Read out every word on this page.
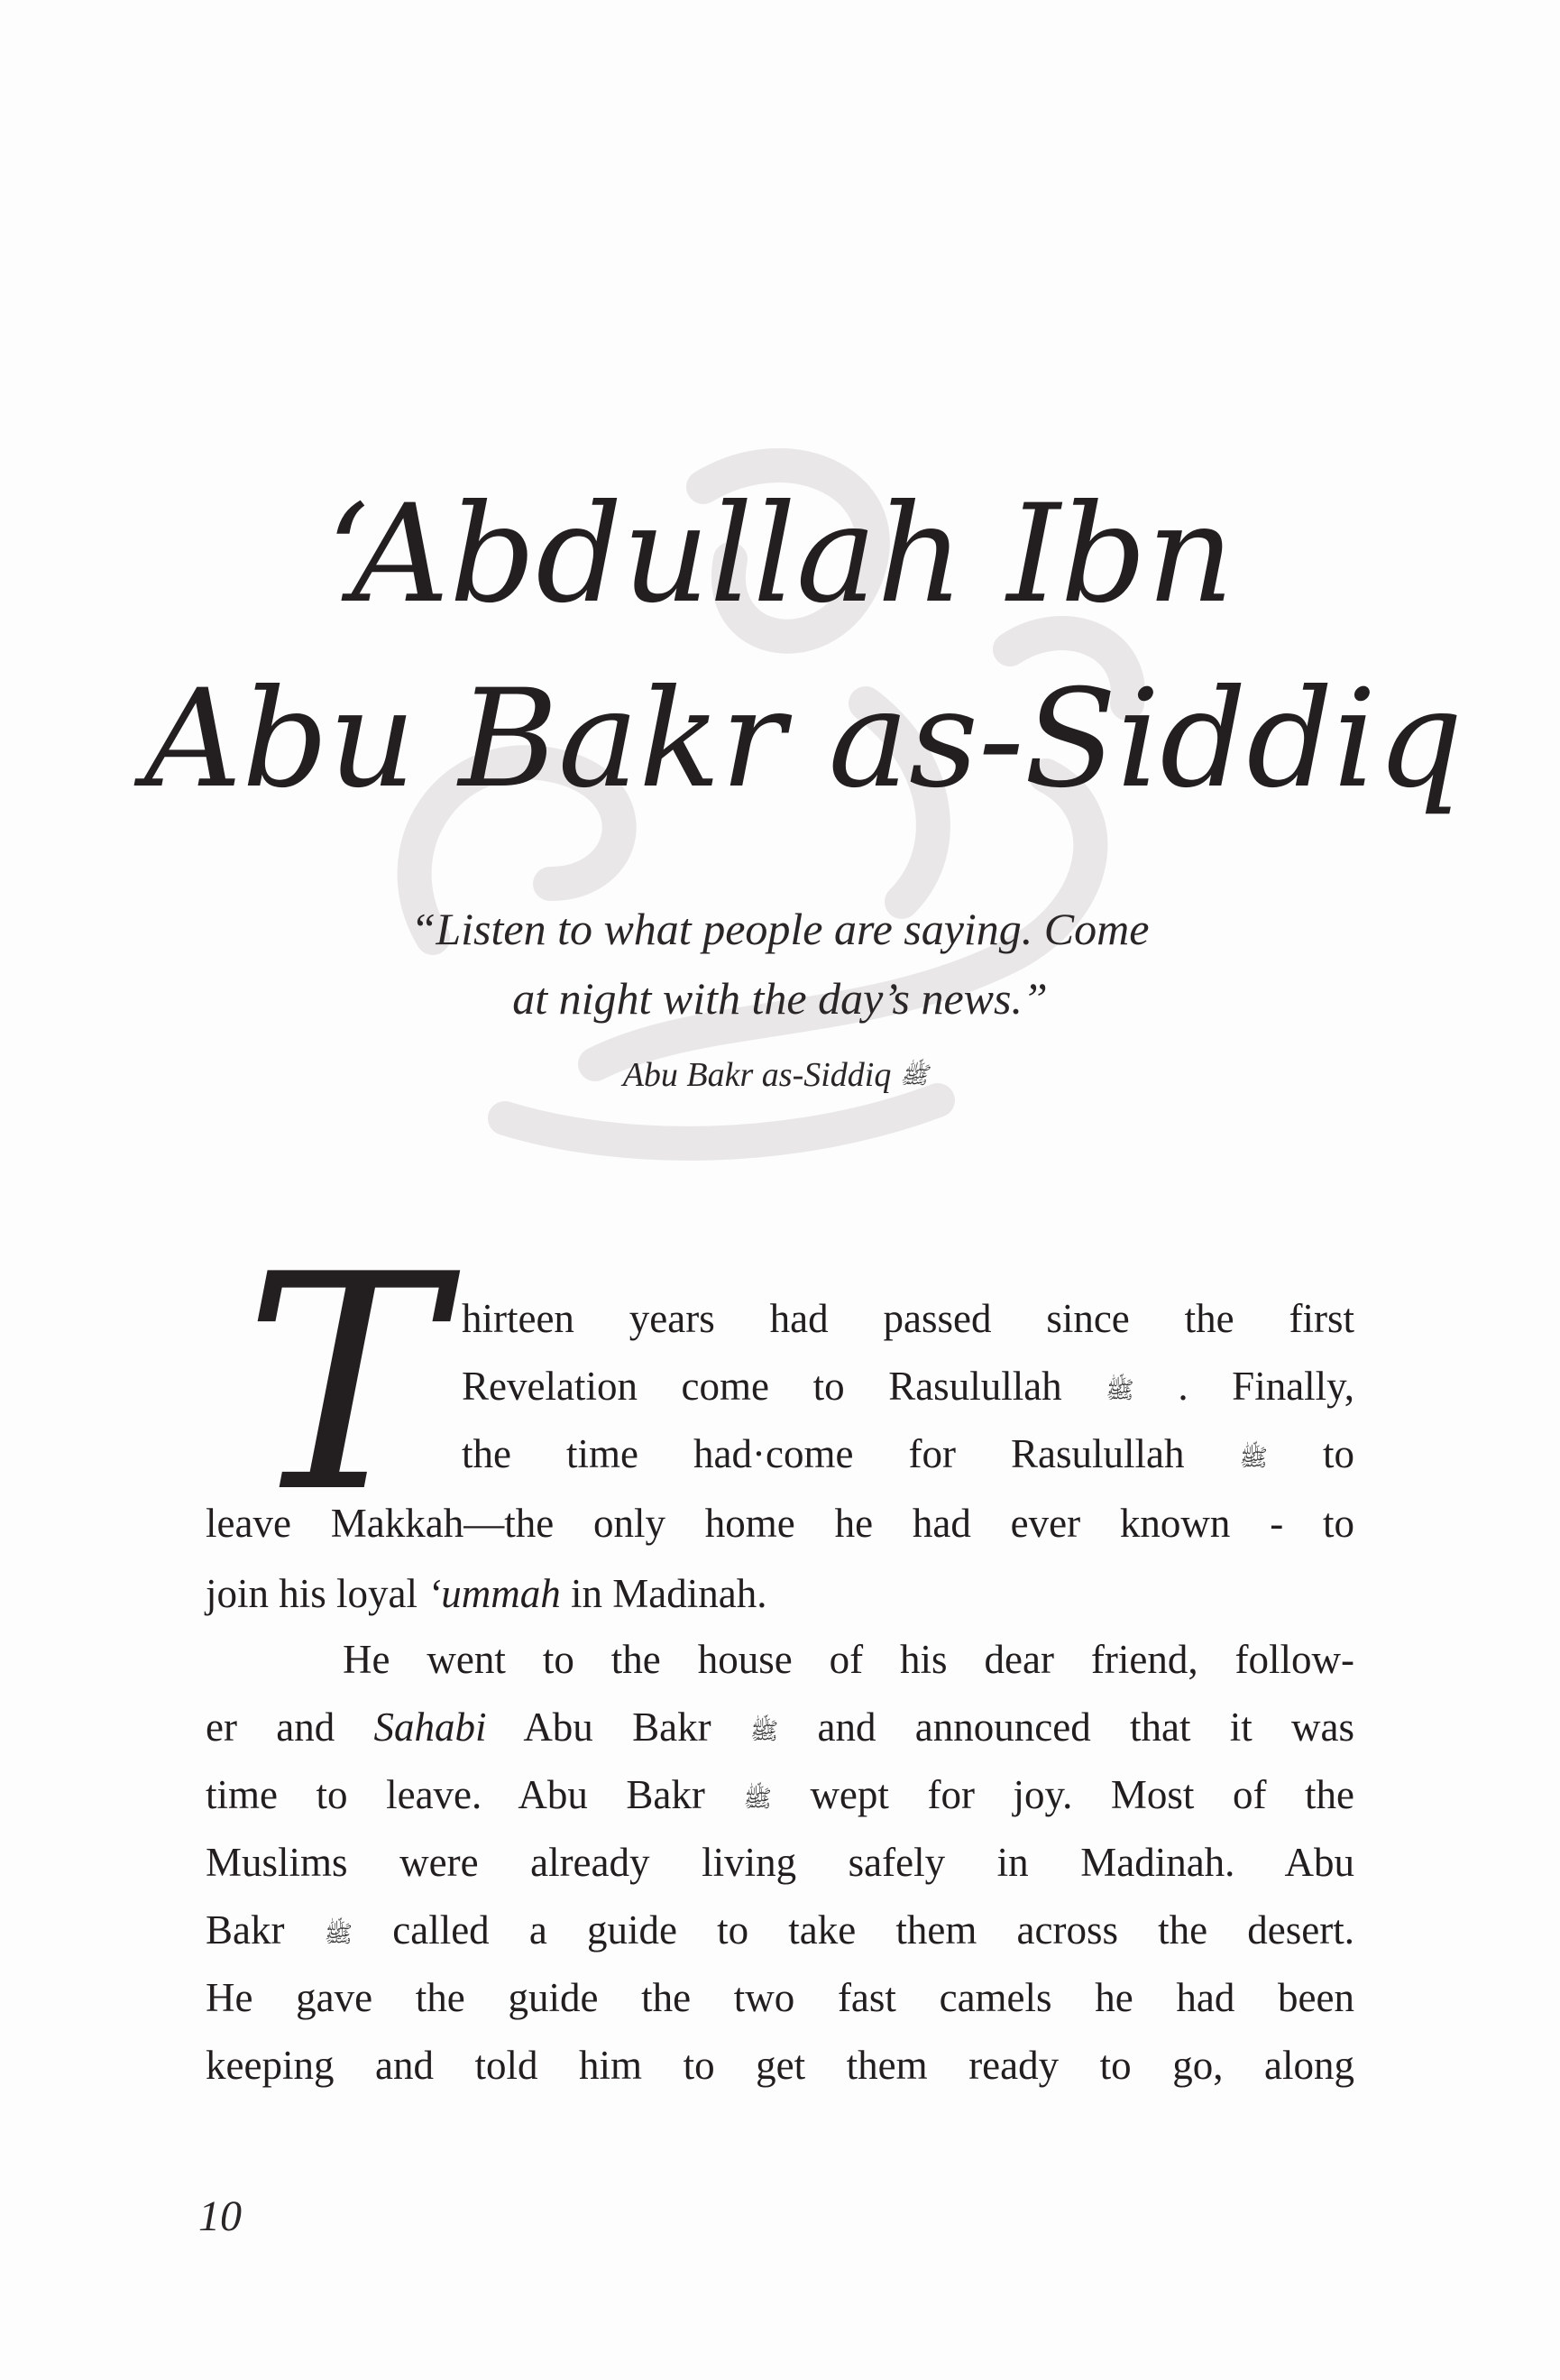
‘Abdullah Ibn
Abu Bakr as-Siddiq
“Listen to what people are saying. Come
at night with the day’s news.”
Abu Bakr as-Siddiq ﷺ
T hirteen years had passed since the first
Revelation come to Rasulullah ﷺ . Finally,
the time had·come for Rasulullah ﷺ to
leave Makkah—the only home he had ever known - to
join his loyal ‘ummah in Madinah.
He went to the house of his dear friend, follow-
er and Sahabi Abu Bakr ﷺ and announced that it was
time to leave. Abu Bakr ﷺ wept for joy. Most of the
Muslims were already living safely in Madinah. Abu
Bakr ﷺ called a guide to take them across the desert.
He gave the guide the two fast camels he had been
keeping and told him to get them ready to go, along
10
